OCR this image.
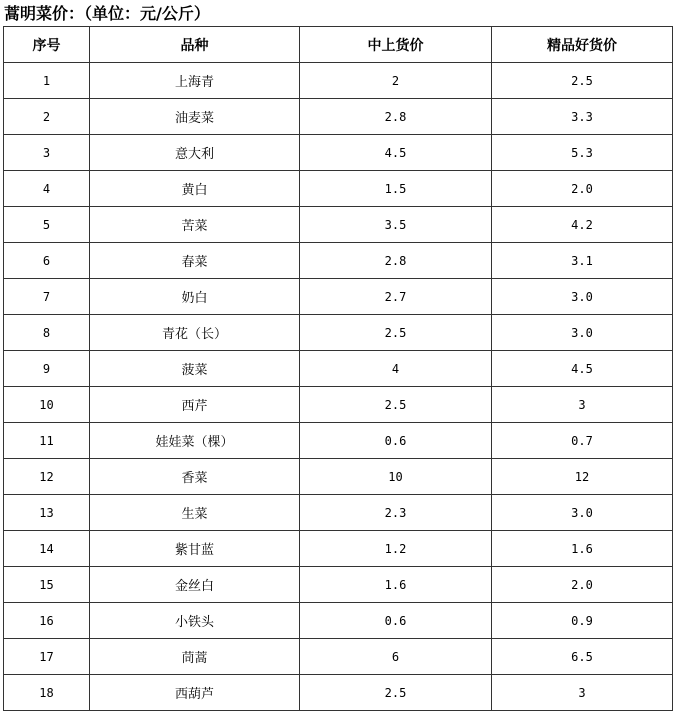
蒿明菜价：（单位：元/公斤）
序号	品种	中上货价	精品好货价
1	上海青	2	2.5
2	油麦菜	2.8	3.3
3	意大利	4.5	5.3
4	黄白	1.5	2.0
5	苦菜	3.5	4.2
6	春菜	2.8	3.1
7	奶白	2.7	3.0
8	青花（长）	2.5	3.0
9	菠菜	4	4.5
10	西芹	2.5	3
11	娃娃菜（棵）	0.6	0.7
12	香菜	10	12
13	生菜	2.3	3.0
14	紫甘蓝	1.2	1.6
15	金丝白	1.6	2.0
16	小铁头	0.6	0.9
17	茼蒿	6	6.5
18	西葫芦	2.5	3
